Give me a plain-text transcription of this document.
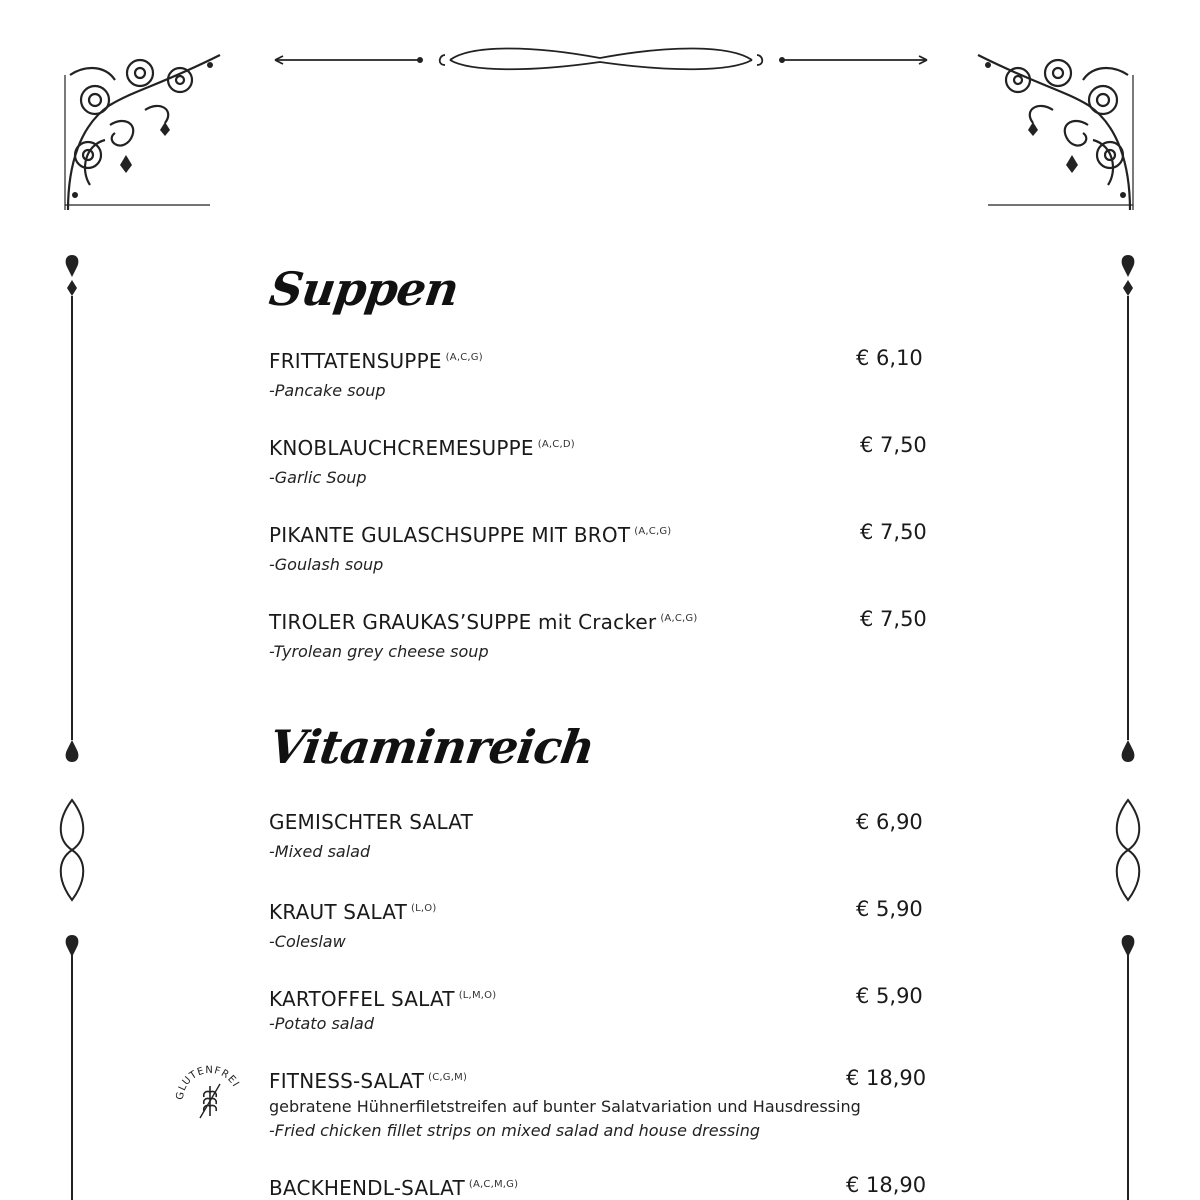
Suppen
FRITTATENSUPPE $^{(A,C,G)}$
-Pancake soup
€ 6,10
KNOBLAUCHCREMESUPPE $^{(A,C,D)}$
-Garlic Soup
€ 7,50
PIKANTE GULASCHSUPPE MIT BROT $^{(A,C,G)}$
-Goulash soup
€ 7,50
TIROLER GRAUKAS’SUPPE mit Cracker $^{(A,C,G)}$
-Tyrolean grey cheese soup
€ 7,50
Vitaminreich
GEMISCHTER SALAT
-Mixed salad
€ 6,90
KRAUT SALAT $^{(L,O)}$
-Coleslaw
€ 5,90
KARTOFFEL SALAT $^{(L,M,O)}$
-Potato salad
€ 5,90
FITNESS-SALAT $^{(C,G,M)}$
gebratene Hühnerfiletstreifen auf bunter Salatvariation und Hausdressing
-Fried chicken fillet strips on mixed salad and house dressing
€ 18,90
GLUTENFREI
BACKHENDL-SALAT $^{(A,C,M,G)}$	€ 18,90
